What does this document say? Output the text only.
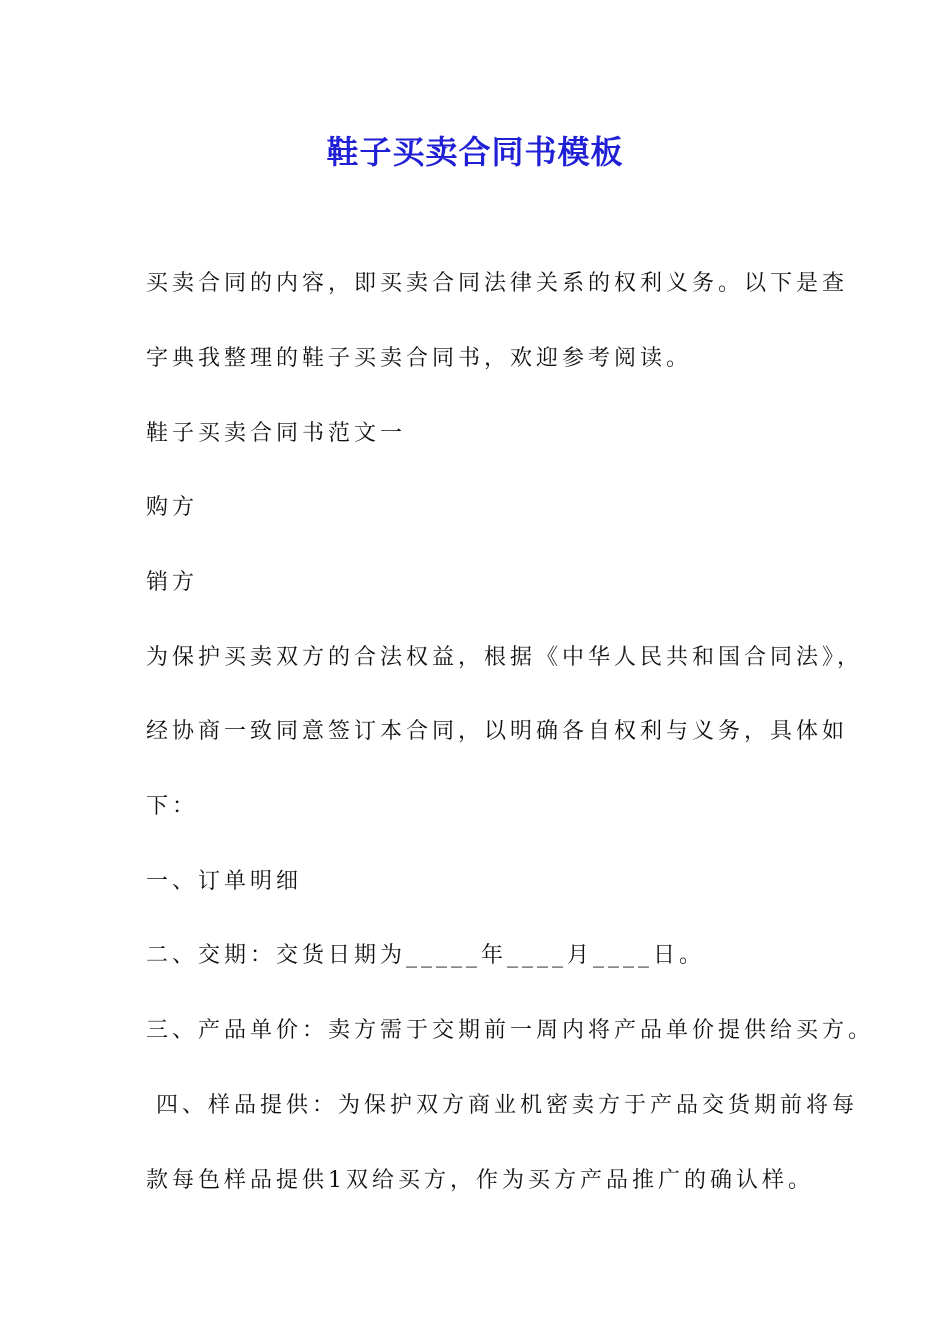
鞋子买卖合同书模板
买卖合同的内容，即买卖合同法律关系的权利义务。以下是查
字典我整理的鞋子买卖合同书，欢迎参考阅读。
鞋子买卖合同书范文一
购方
销方
为保护买卖双方的合法权益，根据《中华人民共和国合同法》，
经协商一致同意签订本合同，以明确各自权利与义务，具体如
下：
一、订单明细
二、交期：交货日期为_____年____月____日。
三、产品单价：卖方需于交期前一周内将产品单价提供给买方。
四、样品提供：为保护双方商业机密卖方于产品交货期前将每
款每色样品提供1双给买方，作为买方产品推广的确认样。
